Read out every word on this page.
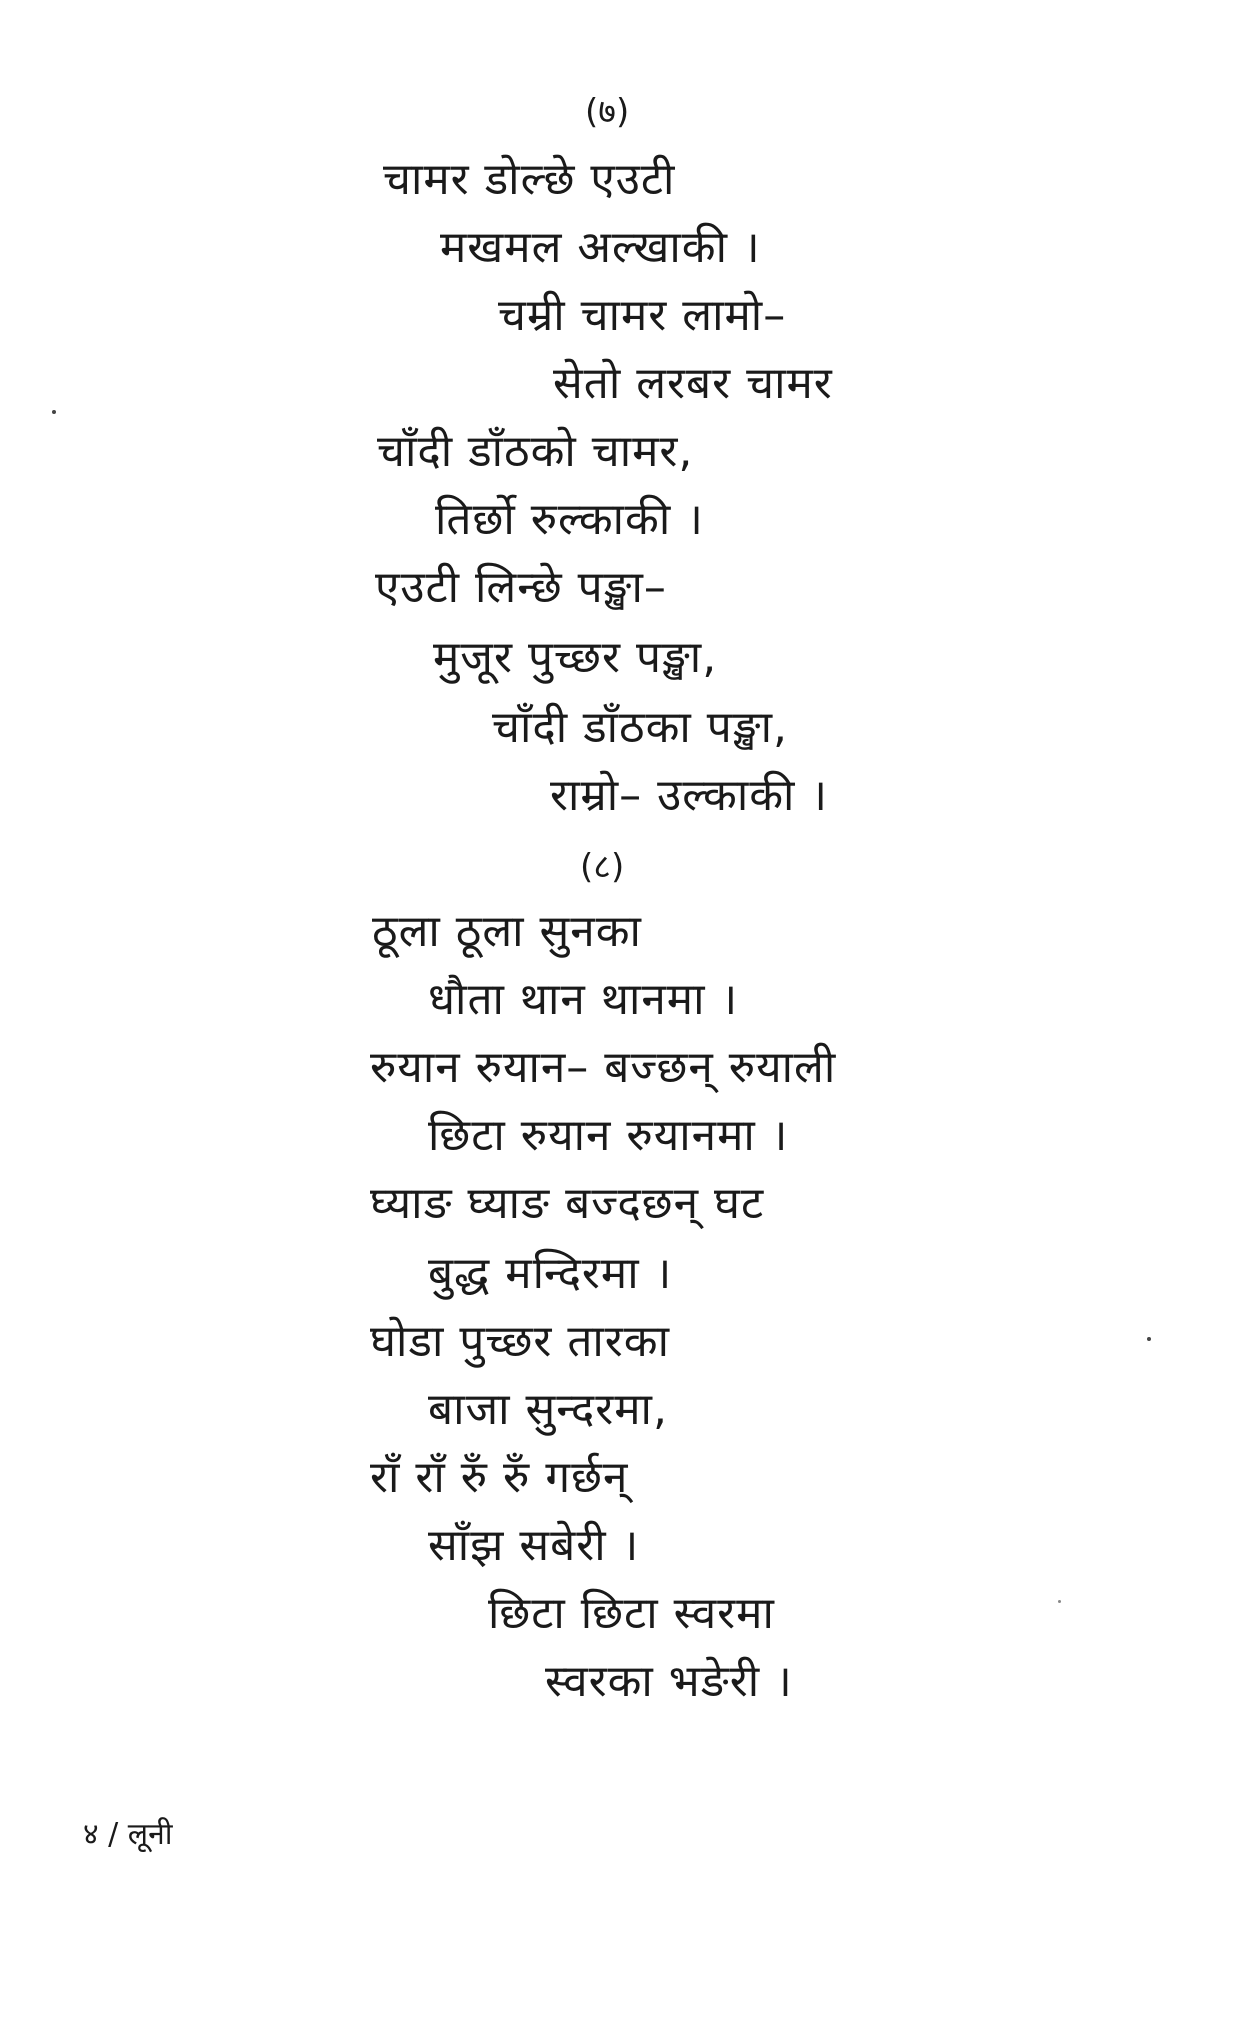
(७)
चामर डोल्छे एउटी
मखमल अल्खाकी ।
चम्री चामर लामो–
सेतो लरबर चामर
चाँदी डाँठको चामर,
तिर्छो रुल्काकी ।
एउटी लिन्छे पङ्खा–
मुजूर पुच्छर पङ्खा,
चाँदी डाँठका पङ्खा,
राम्रो– उल्काकी ।
(८)
ठूला ठूला सुनका
धौता थान थानमा ।
रुयान रुयान– बज्छन् रुयाली
छिटा रुयान रुयानमा ।
घ्याङ घ्याङ बज्दछन् घट
बुद्ध मन्दिरमा ।
घोडा पुच्छर तारका
बाजा सुन्दरमा,
राँ राँ रुँ रुँ गर्छन्
साँझ सबेरी ।
छिटा छिटा स्वरमा
स्वरका भङेरी ।
४ / लूनी
